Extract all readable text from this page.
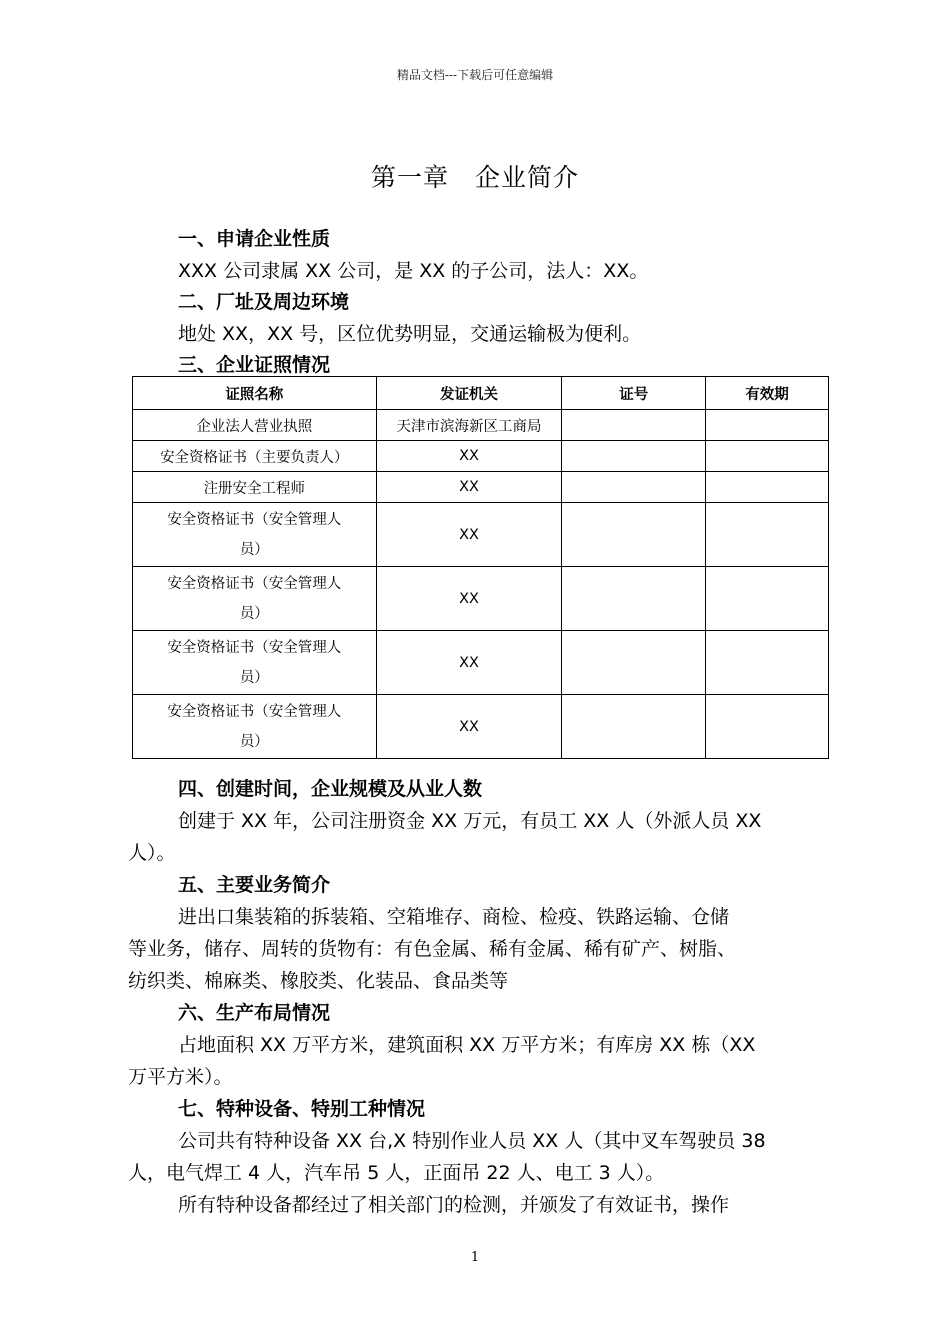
精品文档---下载后可任意编辑
第一章 企业简介
一、申请企业性质
XXX 公司隶属 XX 公司，是 XX 的子公司，法人：XX。
二、厂址及周边环境
地处 XX，XX 号，区位优势明显，交通运输极为便利。
三、企业证照情况
证照名称	发证机关	证号	有效期
企业法人营业执照	天津市滨海新区工商局		
安全资格证书（主要负责人）	XX		
注册安全工程师	XX		
安全资格证书（安全管理人
员）	XX		
安全资格证书（安全管理人
员）	XX		
安全资格证书（安全管理人
员）	XX		
安全资格证书（安全管理人
员）	XX		
四、创建时间，企业规模及从业人数
创建于 XX 年，公司注册资金 XX 万元，有员工 XX 人（外派人员 XX
人）。
五、主要业务简介
进出口集装箱的拆装箱、空箱堆存、商检、检疫、铁路运输、仓储
等业务，储存、周转的货物有：有色金属、稀有金属、稀有矿产、树脂、
纺织类、棉麻类、橡胶类、化装品、食品类等
六、生产布局情况
占地面积 XX 万平方米，建筑面积 XX 万平方米；有库房 XX 栋（XX
万平方米）。
七、特种设备、特别工种情况
公司共有特种设备 XX 台,X 特别作业人员 XX 人（其中叉车驾驶员 38
人，电气焊工 4 人，汽车吊 5 人，正面吊 22 人、电工 3 人）。
所有特种设备都经过了相关部门的检测，并颁发了有效证书，操作
1
